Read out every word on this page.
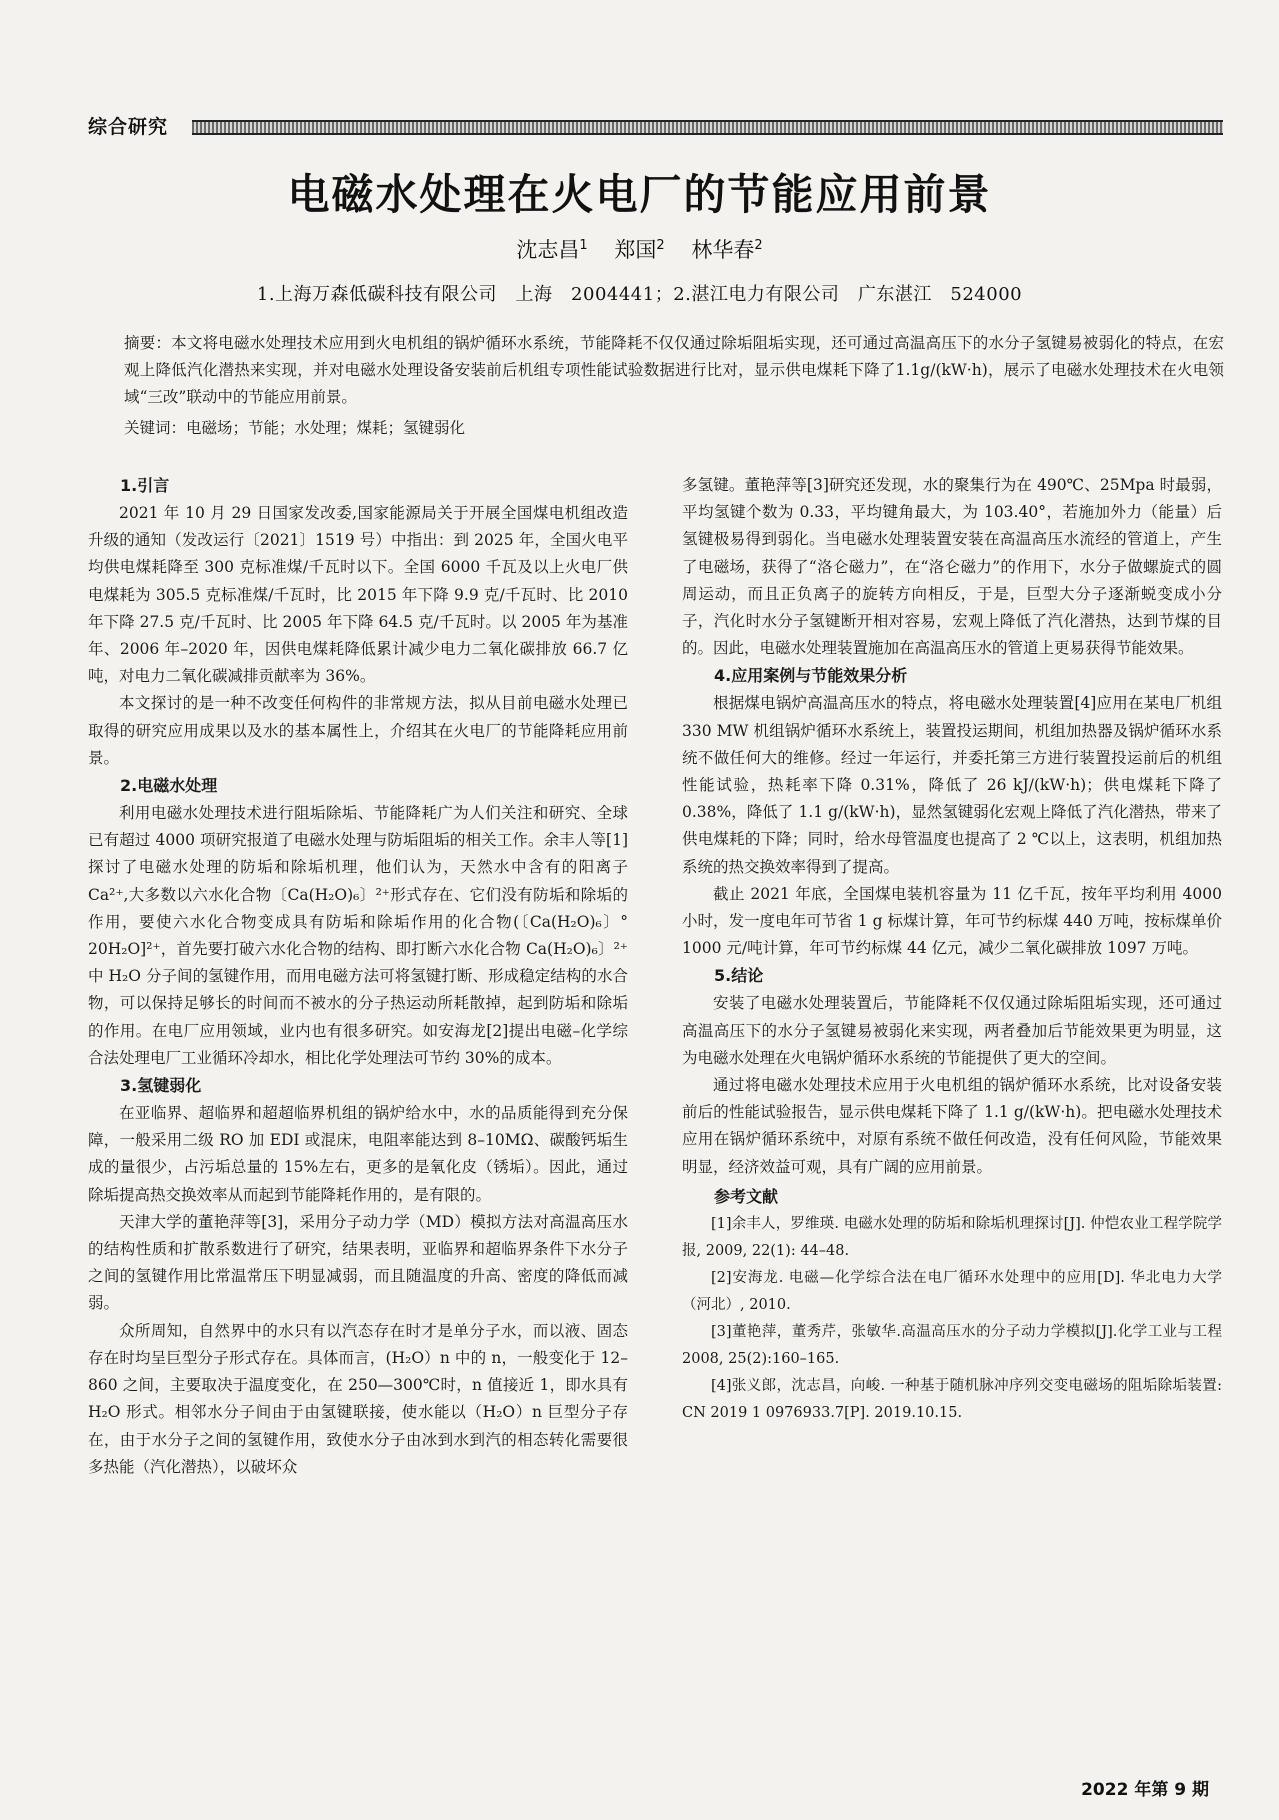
综合研究
电磁水处理在火电厂的节能应用前景
沈志昌$^1$ 郑国$^2$ 林华春$^2$
1.上海万森低碳科技有限公司　上海　2004441；2.湛江电力有限公司　广东湛江　524000
摘要：本文将电磁水处理技术应用到火电机组的锅炉循环水系统，节能降耗不仅仅通过除垢阻垢实现，还可通过高温高压下的水分子氢键易被弱化的特点，在宏观上降低汽化潜热来实现，并对电磁水处理设备安装前后机组专项性能试验数据进行比对，显示供电煤耗下降了1.1g/(kW·h)，展示了电磁水处理技术在火电领域“三改”联动中的节能应用前景。
关键词：电磁场；节能；水处理；煤耗；氢键弱化
1.引言

2021 年 10 月 29 日国家发改委,国家能源局关于开展全国煤电机组改造升级的通知（发改运行〔2021〕1519 号）中指出：到 2025 年，全国火电平均供电煤耗降至 300 克标准煤/千瓦时以下。全国 6000 千瓦及以上火电厂供电煤耗为 305.5 克标准煤/千瓦时，比 2015 年下降 9.9 克/千瓦时、比 2010 年下降 27.5 克/千瓦时、比 2005 年下降 64.5 克/千瓦时。以 2005 年为基准年、2006 年–2020 年，因供电煤耗降低累计减少电力二氧化碳排放 66.7 亿吨，对电力二氧化碳减排贡献率为 36%。

本文探讨的是一种不改变任何构件的非常规方法，拟从目前电磁水处理已取得的研究应用成果以及水的基本属性上，介绍其在火电厂的节能降耗应用前景。

2.电磁水处理

利用电磁水处理技术进行阻垢除垢、节能降耗广为人们关注和研究、全球已有超过 4000 项研究报道了电磁水处理与防垢阻垢的相关工作。余丰人等[1]探讨了电磁水处理的防垢和除垢机理，他们认为，天然水中含有的阳离子 Ca²⁺,大多数以六水化合物〔Ca(H₂O)₆〕²⁺形式存在、它们没有防垢和除垢的作用，要使六水化合物变成具有防垢和除垢作用的化合物(〔Ca(H₂O)₆〕° 20H₂O]²⁺，首先要打破六水化合物的结构、即打断六水化合物 Ca(H₂O)₆〕²⁺中 H₂O 分子间的氢键作用，而用电磁方法可将氢键打断、形成稳定结构的水合物，可以保持足够长的时间而不被水的分子热运动所耗散掉，起到防垢和除垢的作用。在电厂应用领域，业内也有很多研究。如安海龙[2]提出电磁–化学综合法处理电厂工业循环冷却水，相比化学处理法可节约 30%的成本。

3.氢键弱化

在亚临界、超临界和超超临界机组的锅炉给水中，水的品质能得到充分保障，一般采用二级 RO 加 EDI 或混床，电阻率能达到 8–10MΩ、碳酸钙垢生成的量很少，占污垢总量的 15%左右，更多的是氧化皮（锈垢）。因此，通过除垢提高热交换效率从而起到节能降耗作用的，是有限的。

天津大学的董艳萍等[3]，采用分子动力学（MD）模拟方法对高温高压水的结构性质和扩散系数进行了研究，结果表明，亚临界和超临界条件下水分子之间的氢键作用比常温常压下明显减弱，而且随温度的升高、密度的降低而减弱。

众所周知，自然界中的水只有以汽态存在时才是单分子水，而以液、固态存在时均呈巨型分子形式存在。具体而言，(H₂O）n 中的 n，一般变化于 12–860 之间，主要取决于温度变化，在 250—300℃时，n 值接近 1，即水具有 H₂O 形式。相邻水分子间由于由氢键联接，使水能以（H₂O）n 巨型分子存在，由于水分子之间的氢键作用，致使水分子由冰到水到汽的相态转化需要很多热能（汽化潜热），以破坏众

多氢键。董艳萍等[3]研究还发现，水的聚集行为在 490℃、25Mpa 时最弱，平均氢键个数为 0.33，平均键角最大，为 103.40°，若施加外力（能量）后氢键极易得到弱化。当电磁水处理装置安装在高温高压水流经的管道上，产生了电磁场，获得了“洛仑磁力”，在“洛仑磁力”的作用下，水分子做螺旋式的圆周运动，而且正负离子的旋转方向相反，于是，巨型大分子逐渐蜕变成小分子，汽化时水分子氢键断开相对容易，宏观上降低了汽化潜热，达到节煤的目的。因此，电磁水处理装置施加在高温高压水的管道上更易获得节能效果。

4.应用案例与节能效果分析

根据煤电锅炉高温高压水的特点，将电磁水处理装置[4]应用在某电厂机组 330 MW 机组锅炉循环水系统上，装置投运期间，机组加热器及锅炉循环水系统不做任何大的维修。经过一年运行，并委托第三方进行装置投运前后的机组性能试验，热耗率下降 0.31%，降低了 26 kJ/(kW·h)；供电煤耗下降了 0.38%，降低了 1.1 g/(kW·h)，显然氢键弱化宏观上降低了汽化潜热，带来了供电煤耗的下降；同时，给水母管温度也提高了 2 ℃以上，这表明，机组加热系统的热交换效率得到了提高。

截止 2021 年底，全国煤电装机容量为 11 亿千瓦，按年平均利用 4000 小时，发一度电年可节省 1 g 标煤计算，年可节约标煤 440 万吨，按标煤单价 1000 元/吨计算，年可节约标煤 44 亿元，减少二氧化碳排放 1097 万吨。

5.结论

安装了电磁水处理装置后，节能降耗不仅仅通过除垢阻垢实现，还可通过高温高压下的水分子氢键易被弱化来实现，两者叠加后节能效果更为明显，这为电磁水处理在火电锅炉循环水系统的节能提供了更大的空间。

通过将电磁水处理技术应用于火电机组的锅炉循环水系统，比对设备安装前后的性能试验报告，显示供电煤耗下降了 1.1 g/(kW·h)。把电磁水处理技术应用在锅炉循环系统中，对原有系统不做任何改造，没有任何风险，节能效果明显，经济效益可观，具有广阔的应用前景。

参考文献

[1]余丰人，罗维瑛. 电磁水处理的防垢和除垢机理探讨[J]. 仲恺农业工程学院学报, 2009, 22(1): 44–48.

[2]安海龙. 电磁—化学综合法在电厂循环水处理中的应用[D]. 华北电力大学（河北）, 2010.

[3]董艳萍，董秀芹，张敏华.高温高压水的分子动力学模拟[J].化学工业与工程 2008, 25(2):160–165.

[4]张义郎，沈志昌，向峻. 一种基于随机脉冲序列交变电磁场的阻垢除垢装置: CN 2019 1 0976933.7[P]. 2019.10.15.

2022 年第 9 期
